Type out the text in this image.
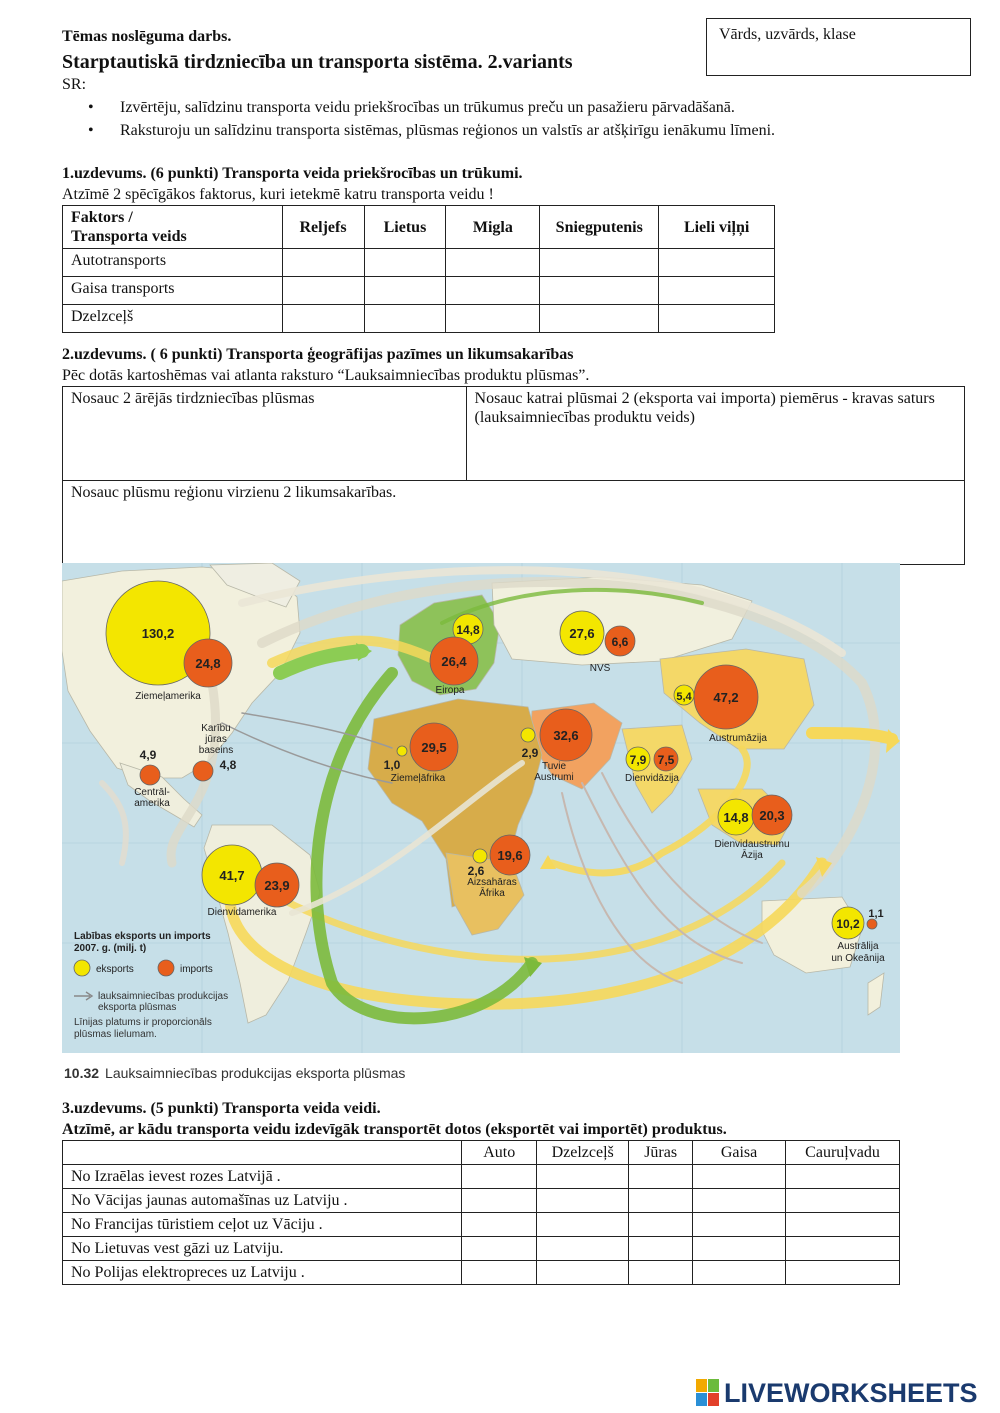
Tēmas noslēguma darbs.
Starptautiskā tirdzniecība un transporta sistēma. 2.variants
SR:
Vārds, uzvārds, klase
• Izvērtēju, salīdzinu transporta veidu priekšrocības un trūkumus preču un pasažieru pārvadāšanā.
• Raksturoju un salīdzinu transporta sistēmas, plūsmas reģionos un valstīs ar atšķirīgu ienākumu līmeni.
1.uzdevums. (6 punkti) Transporta veida priekšrocības un trūkumi.
Atzīmē 2 spēcīgākos faktorus, kuri ietekmē katru transporta veidu !
Faktors /
Transporta veids	Reljefs	Lietus	Migla	Sniegputenis	Lieli viļņi
Autotransports					
Gaisa transports					
Dzelzceļš					
2.uzdevums. ( 6 punkti) Transporta ģeogrāfijas pazīmes un likumsakarības
Pēc dotās kartoshēmas vai atlanta raksturo “Lauksaimniecības produktu plūsmas”.
Nosauc 2 ārējās tirdzniecības plūsmas	Nosauc katrai plūsmai 2 (eksporta vai importa) piemērus - kravas saturs (lauksaimniecības produktu veids)
Nosauc plūsmu reģionu virzienu 2 likumsakarības.
130,2
24,8
14,8
26,4
27,6
6,6
5,4 47,2
4,8
4,9
1,0
29,5	2,9
32,6
7,9 7,5
14,8 20,3
2,6
19,6
41,7
23,9
10,2
1,1
Ziemeļamerika
Eiropa
NVS
Austrumāzija
Karību
jūras
baseins
Centrāl-
amerika
Ziemeļāfrika
Tuvie
Austrumi	Dienvidāzija
Dienvidaustrumu
Āzija
Aizsahāras
Āfrika
Dienvidamerika
Austrālija
un Okeānija
Labības eksports un imports
2007. g. (milj. t)
eksports	imports
lauksaimniecības produkcijas
eksporta plūsmas
Līnijas platums ir proporcionāls
plūsmas lielumam.
10.32 Lauksaimniecības produkcijas eksporta plūsmas
3.uzdevums. (5 punkti) Transporta veida veidi.
Atzīmē, ar kādu transporta veidu izdevīgāk transportēt dotos (eksportēt vai importēt) produktus.
	Auto	Dzelzceļš	Jūras	Gaisa	Cauruļvadu
No Izraēlas ievest rozes Latvijā .					
No Vācijas jaunas automašīnas uz Latviju .					
No Francijas tūristiem ceļot uz Vāciju .					
No Lietuvas vest gāzi uz Latviju.					
No Polijas elektropreces uz Latviju .					
LIVEWORKSHEETS
